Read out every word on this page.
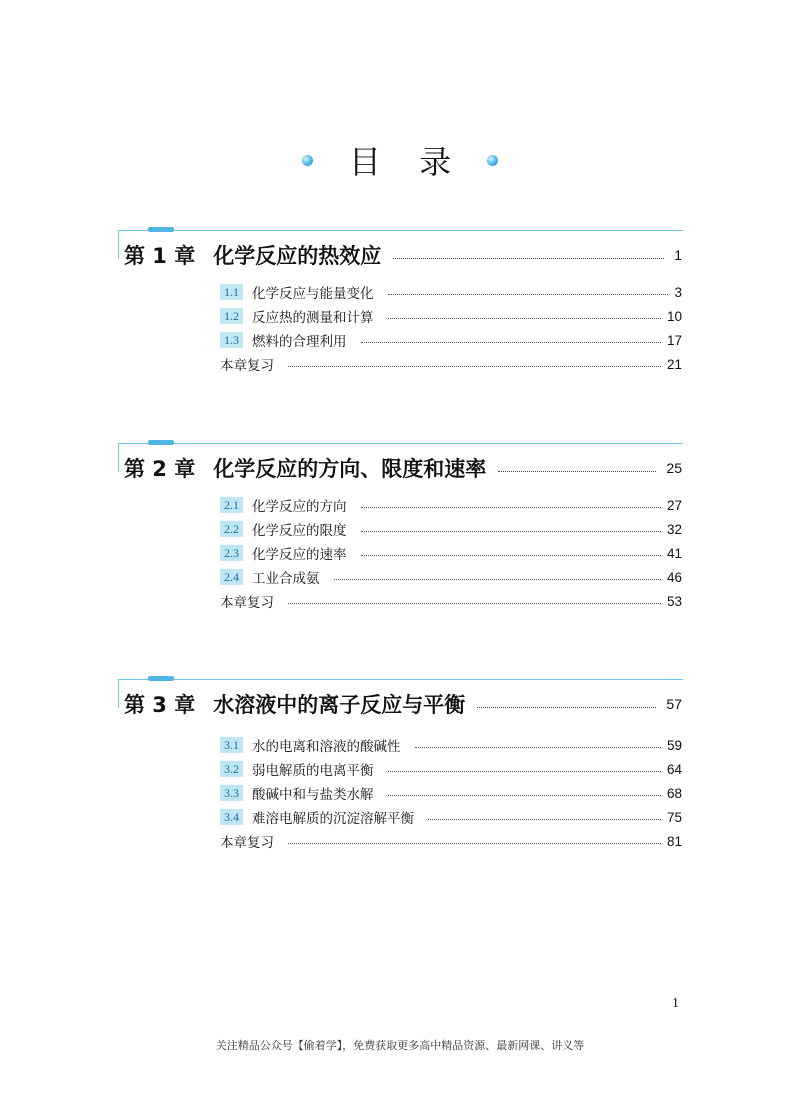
目 录
第 1 章 化学反应的热效应	1
1.1 化学反应与能量变化	3
1.2 反应热的测量和计算	10
1.3 燃料的合理利用	17
本章复习	21
第 2 章 化学反应的方向、限度和速率	25
2.1 化学反应的方向	27
2.2 化学反应的限度	32
2.3 化学反应的速率	41
2.4 工业合成氨	46
本章复习	53
第 3 章 水溶液中的离子反应与平衡	57
3.1 水的电离和溶液的酸碱性	59
3.2 弱电解质的电离平衡	64
3.3 酸碱中和与盐类水解	68
3.4 难溶电解质的沉淀溶解平衡	75
本章复习	81
1
关注精品公众号【偷着学】，免费获取更多高中精品资源、最新网课、讲义等
